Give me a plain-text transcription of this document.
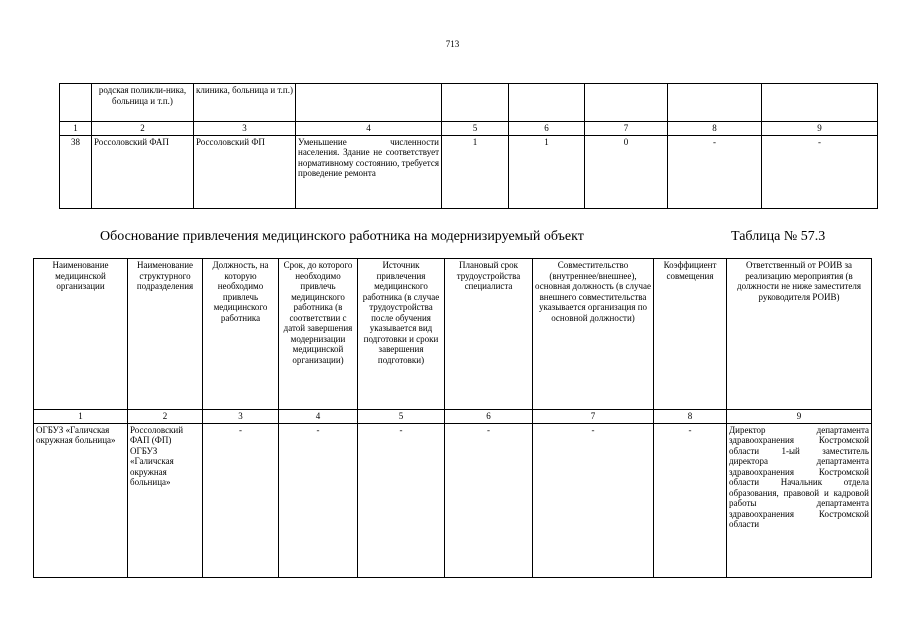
713
	родская поликли-ника, больница и т.п.)	клиника, больница и т.п.)						
1	2	3	4	5	6	7	8	9
38	Россоловский ФАП	Россоловский ФП	Уменьшение численности населения. Здание не соответствует нормативному состоянию, требуется проведение ремонта	1	1	0	-	-
Обоснование привлечения медицинского работника на модернизируемый объект	Таблица № 57.3
Наименование медицинской организации	Наименование структурного подразделения	Должность, на которую необходимо привлечь медицинского работника	Срок, до которого необходимо привлечь медицинского работника (в соответствии с датой завершения модернизации медицинской организации)	Источник привлечения медицинского работника (в случае трудоустройства после обучения указывается вид подготовки и сроки завершения подготовки)	Плановый срок трудоустройства специалиста	Совместительство (внутреннее/внешнее), основная должность (в случае внешнего совместительства указывается организация по основной должности)	Коэффициент совмещения	Ответственный от РОИВ за реализацию мероприятия (в должности не ниже заместителя руководителя РОИВ)
1	2	3	4	5	6	7	8	9
ОГБУЗ «Галичская окружная больница»	Россоловский ФАП (ФП) ОГБУЗ «Галичская окружная больница»	-	-	-	-	-	-	Директор департамента здравоохранения Костромской области 1-ый заместитель директора департамента здравоохранения Костромской области Начальник отдела образования, правовой и кадровой работы департамента здравоохранения Костромской области
